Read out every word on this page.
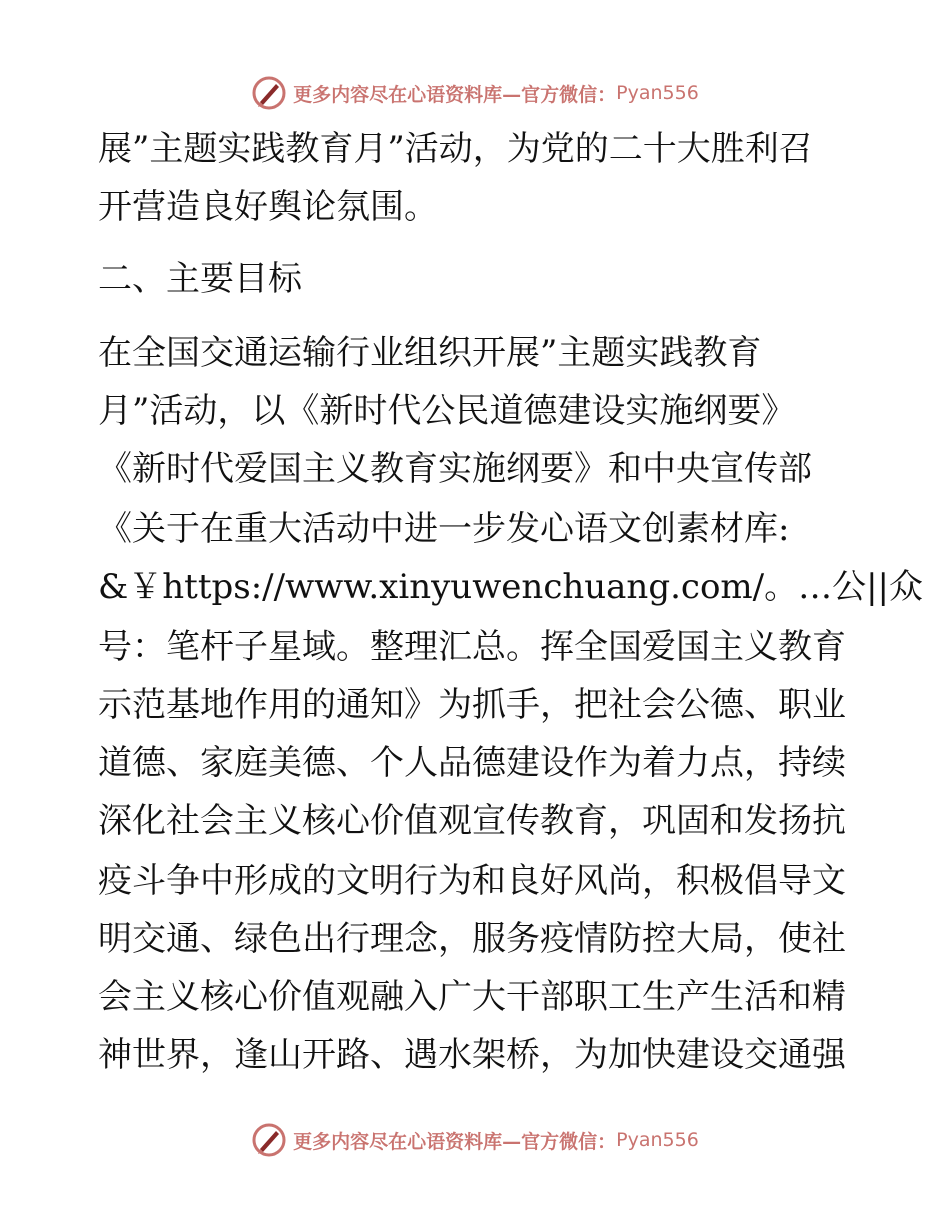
更多内容尽在心语资料库—官方微信： Pyan556
展”主题实践教育月”活动，为党的二十大胜利召
开营造良好舆论氛围。
二、主要目标
在全国交通运输行业组织开展”主题实践教育
月”活动，以《新时代公民道德建设实施纲要》
《新时代爱国主义教育实施纲要》和中央宣传部
《关于在重大活动中进一步发心语文创素材库:
&￥https://www.xinyuwenchuang.com/。…公||众
号：笔杆子星域。整理汇总。挥全国爱国主义教育
示范基地作用的通知》为抓手，把社会公德、职业
道德、家庭美德、个人品德建设作为着力点，持续
深化社会主义核心价值观宣传教育，巩固和发扬抗
疫斗争中形成的文明行为和良好风尚，积极倡导文
明交通、绿色出行理念，服务疫情防控大局，使社
会主义核心价值观融入广大干部职工生产生活和精
神世界，逢山开路、遇水架桥，为加快建设交通强
更多内容尽在心语资料库—官方微信： Pyan556
